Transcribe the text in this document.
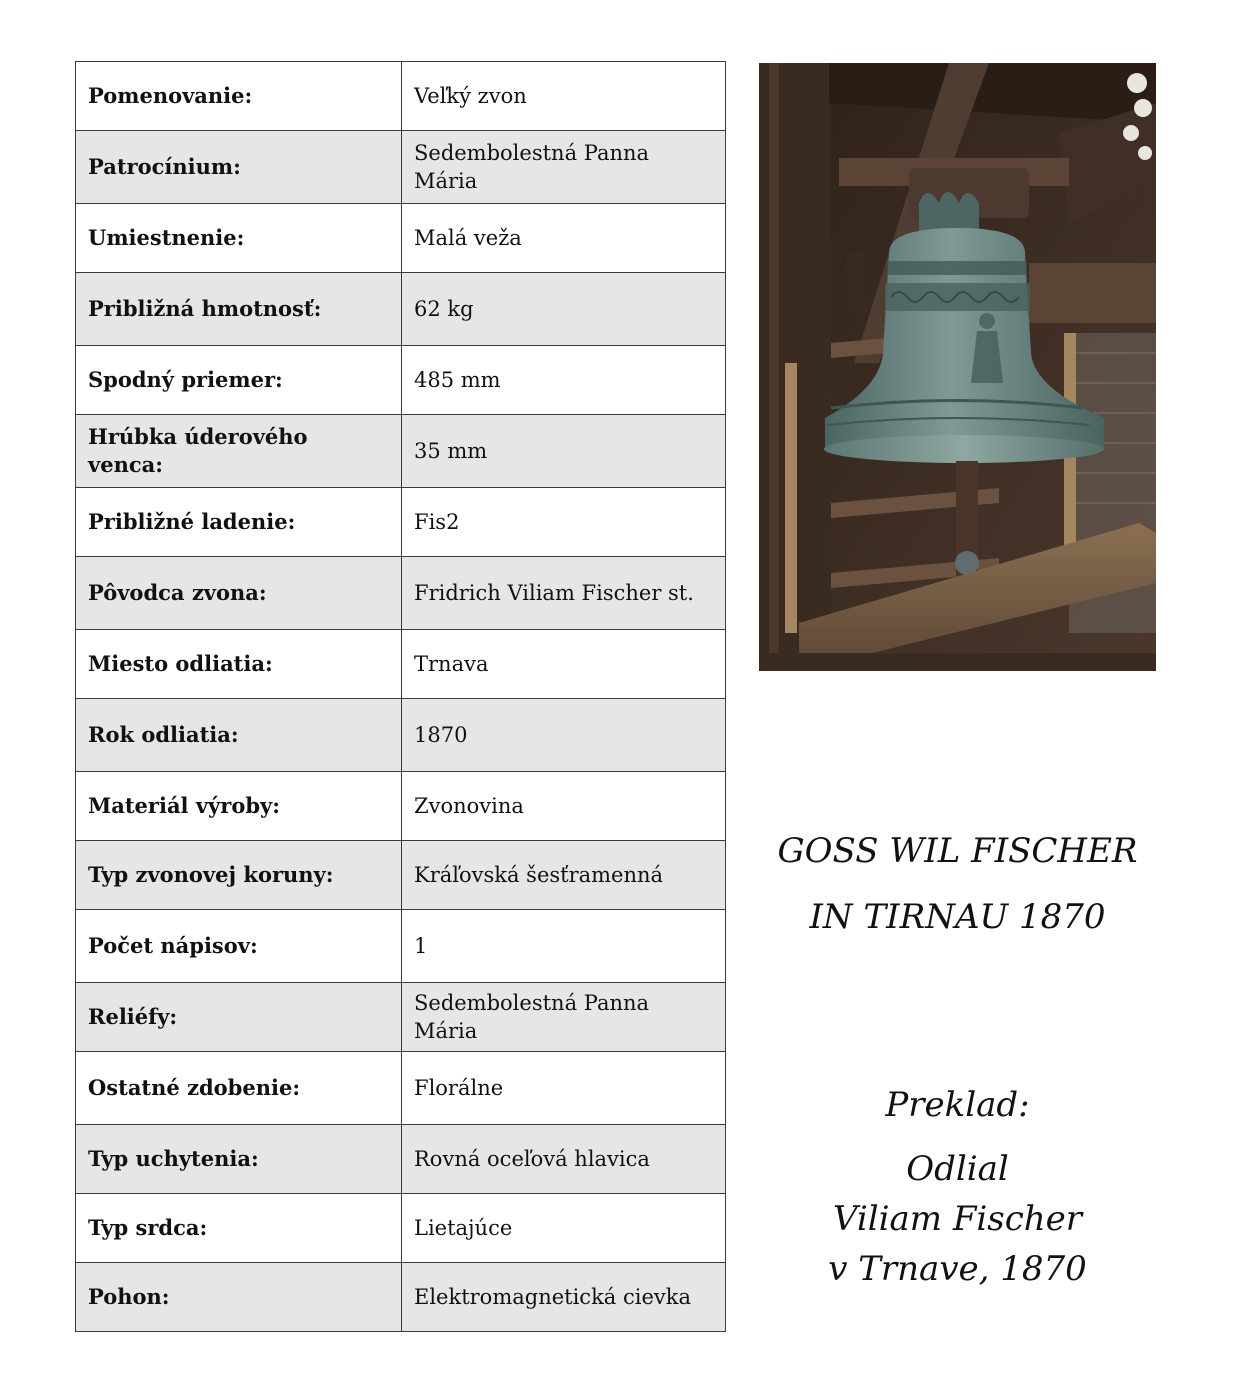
Pomenovanie:	Veľký zvon
Patrocínium:	Sedembolestná Panna Mária
Umiestnenie:	Malá veža
Približná hmotnosť:	62 kg
Spodný priemer:	485 mm
Hrúbka úderového venca:	35 mm
Približné ladenie:	Fis2
Pôvodca zvona:	Fridrich Viliam Fischer st.
Miesto odliatia:	Trnava
Rok odliatia:	1870
Materiál výroby:	Zvonovina
Typ zvonovej koruny:	Kráľovská šesťramenná
Počet nápisov:	1
Reliéfy:	Sedembolestná Panna Mária
Ostatné zdobenie:	Florálne
Typ uchytenia:	Rovná oceľová hlavica
Typ srdca:	Lietajúce
Pohon:	Elektromagnetická cievka

GOSS WIL FISCHER
IN TIRNAU 1870

Preklad:
Odlial
Viliam Fischer
v Trnave, 1870
